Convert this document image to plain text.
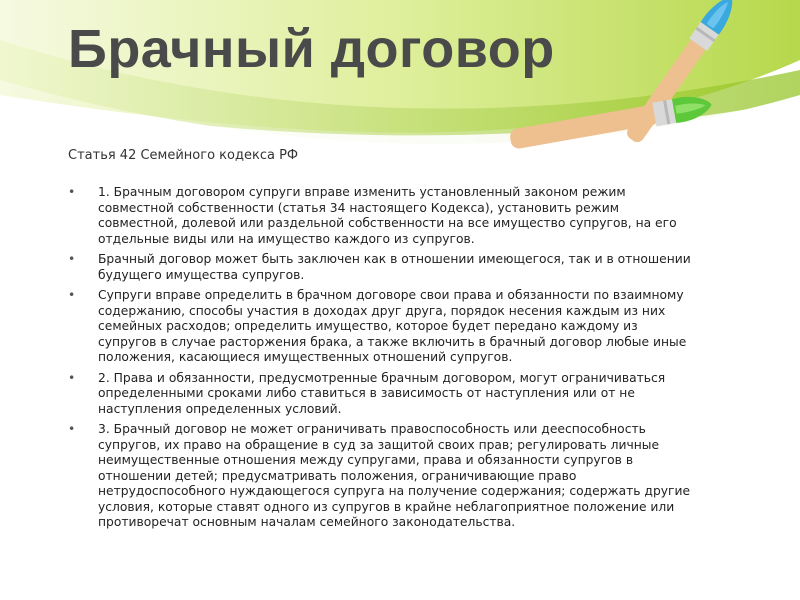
Брачный договор

Статья 42 Семейного кодекса РФ

• 1. Брачным договором супруги вправе изменить установленный законом режим совместной собственности (статья 34 настоящего Кодекса), установить режим совместной, долевой или раздельной собственности на все имущество супругов, на его отдельные виды или на имущество каждого из супругов.
• Брачный договор может быть заключен как в отношении имеющегося, так и в отношении будущего имущества супругов.
• Супруги вправе определить в брачном договоре свои права и обязанности по взаимному содержанию, способы участия в доходах друг друга, порядок несения каждым из них семейных расходов; определить имущество, которое будет передано каждому из супругов в случае расторжения брака, а также включить в брачный договор любые иные положения, касающиеся имущественных отношений супругов.
• 2. Права и обязанности, предусмотренные брачным договором, могут ограничиваться определенными сроками либо ставиться в зависимость от наступления или от не наступления определенных условий.
• 3. Брачный договор не может ограничивать правоспособность или дееспособность супругов, их право на обращение в суд за защитой своих прав; регулировать личные неимущественные отношения между супругами, права и обязанности супругов в отношении детей; предусматривать положения, ограничивающие право нетрудоспособного нуждающегося супруга на получение содержания; содержать другие условия, которые ставят одного из супругов в крайне неблагоприятное положение или противоречат основным началам семейного законодательства.
